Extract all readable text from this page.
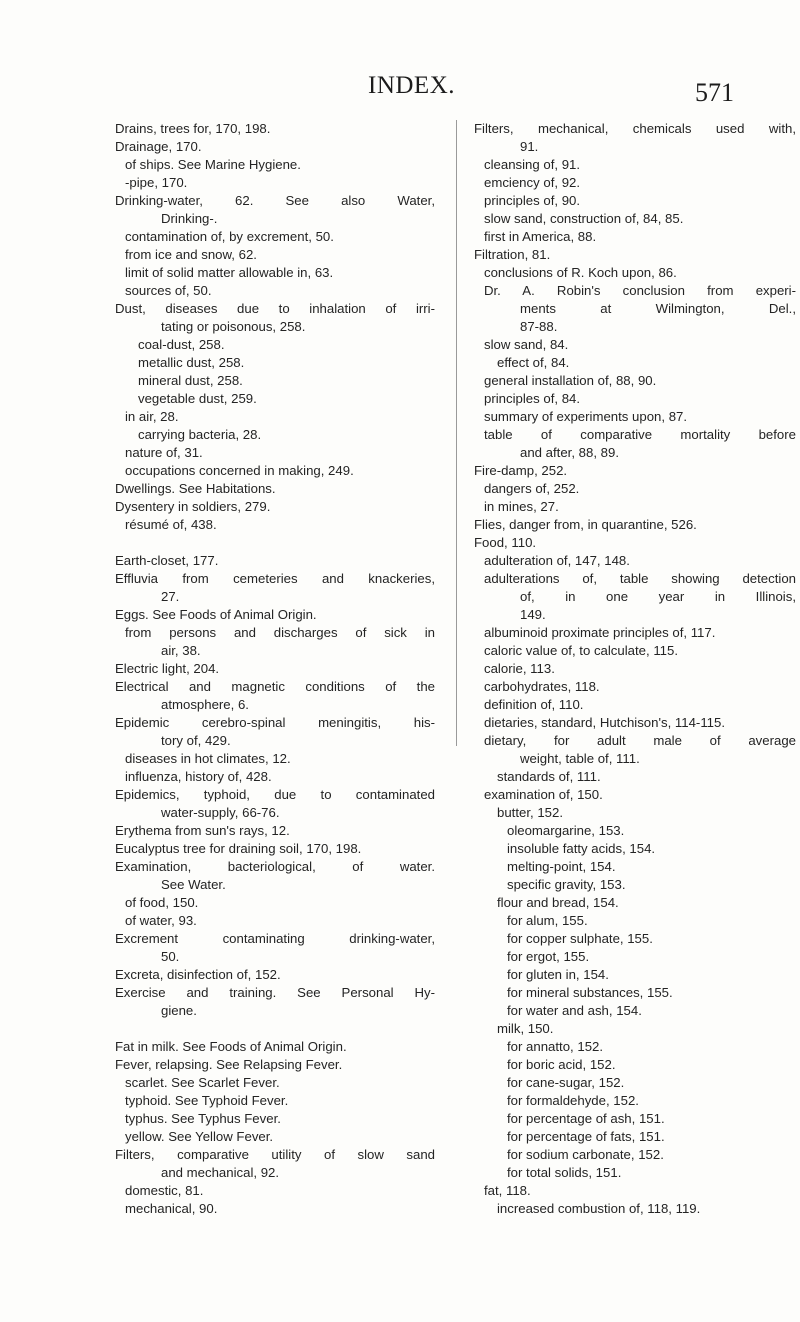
INDEX.	571
Drains, trees for, 170, 198.
Drainage, 170.
of ships. See Marine Hygiene.
-pipe, 170.
Drinking-water, 62. See also Water,
Drinking-.
contamination of, by excrement, 50.
from ice and snow, 62.
limit of solid matter allowable in, 63.
sources of, 50.
Dust, diseases due to inhalation of irri-
tating or poisonous, 258.
coal-dust, 258.
metallic dust, 258.
mineral dust, 258.
vegetable dust, 259.
in air, 28.
carrying bacteria, 28.
nature of, 31.
occupations concerned in making, 249.
Dwellings. See Habitations.
Dysentery in soldiers, 279.
résumé of, 438.
Earth-closet, 177.
Effluvia from cemeteries and knackeries,
27.
Eggs. See Foods of Animal Origin.
from persons and discharges of sick in
air, 38.
Electric light, 204.
Electrical and magnetic conditions of the
atmosphere, 6.
Epidemic cerebro-spinal meningitis, his-
tory of, 429.
diseases in hot climates, 12.
influenza, history of, 428.
Epidemics, typhoid, due to contaminated
water-supply, 66-76.
Erythema from sun's rays, 12.
Eucalyptus tree for draining soil, 170, 198.
Examination, bacteriological, of water.
See Water.
of food, 150.
of water, 93.
Excrement contaminating drinking-water,
50.
Excreta, disinfection of, 152.
Exercise and training. See Personal Hy-
giene.
Fat in milk. See Foods of Animal Origin.
Fever, relapsing. See Relapsing Fever.
scarlet. See Scarlet Fever.
typhoid. See Typhoid Fever.
typhus. See Typhus Fever.
yellow. See Yellow Fever.
Filters, comparative utility of slow sand
and mechanical, 92.
domestic, 81.
mechanical, 90.
Filters, mechanical, chemicals used with,
91.
cleansing of, 91.
emciency of, 92.
principles of, 90.
slow sand, construction of, 84, 85.
first in America, 88.
Filtration, 81.
conclusions of R. Koch upon, 86.
Dr. A. Robin's conclusion from experi-
ments at Wilmington, Del.,
87-88.
slow sand, 84.
effect of, 84.
general installation of, 88, 90.
principles of, 84.
summary of experiments upon, 87.
table of comparative mortality before
and after, 88, 89.
Fire-damp, 252.
dangers of, 252.
in mines, 27.
Flies, danger from, in quarantine, 526.
Food, 110.
adulteration of, 147, 148.
adulterations of, table showing detection
of, in one year in Illinois,
149.
albuminoid proximate principles of, 117.
caloric value of, to calculate, 115.
calorie, 113.
carbohydrates, 118.
definition of, 110.
dietaries, standard, Hutchison's, 114-115.
dietary, for adult male of average
weight, table of, 111.
standards of, 111.
examination of, 150.
butter, 152.
oleomargarine, 153.
insoluble fatty acids, 154.
melting-point, 154.
specific gravity, 153.
flour and bread, 154.
for alum, 155.
for copper sulphate, 155.
for ergot, 155.
for gluten in, 154.
for mineral substances, 155.
for water and ash, 154.
milk, 150.
for annatto, 152.
for boric acid, 152.
for cane-sugar, 152.
for formaldehyde, 152.
for percentage of ash, 151.
for percentage of fats, 151.
for sodium carbonate, 152.
for total solids, 151.
fat, 118.
increased combustion of, 118, 119.
